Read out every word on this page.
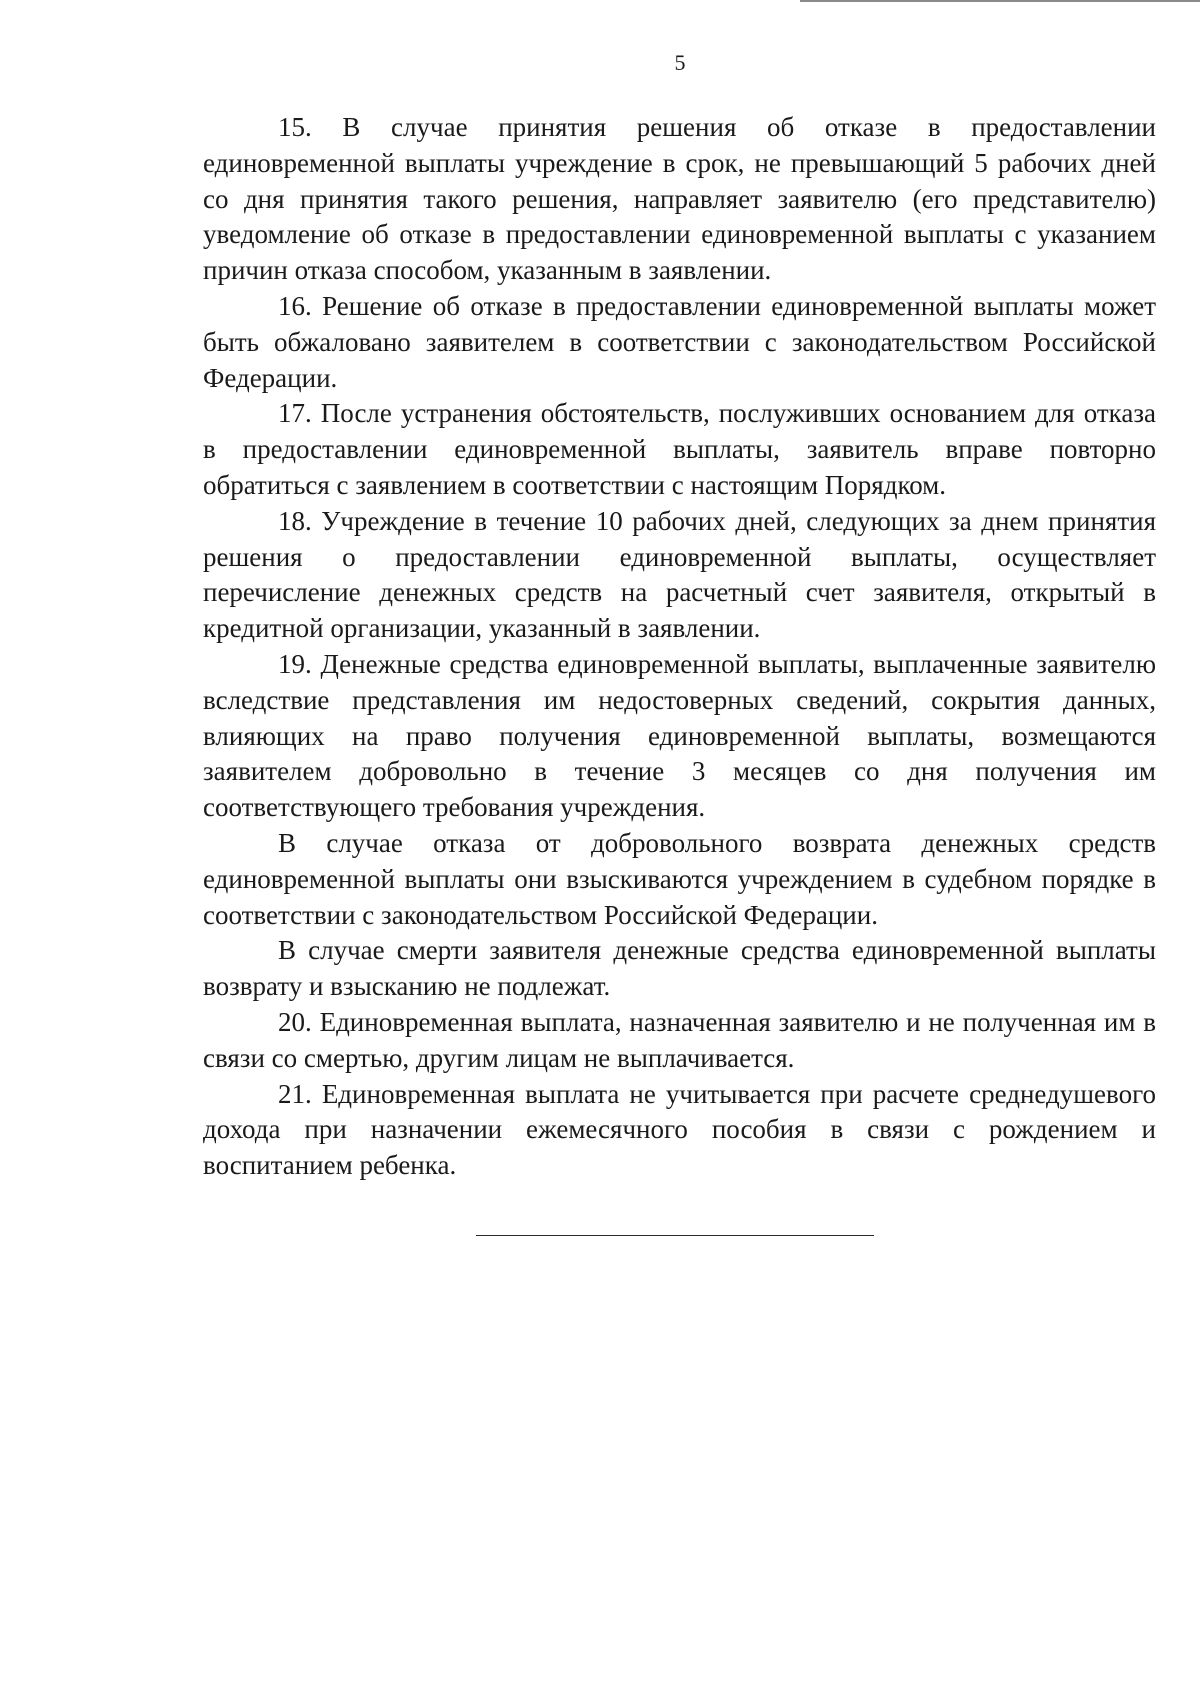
5

15. В случае принятия решения об отказе в предоставлении единовременной выплаты учреждение в срок, не превышающий 5 рабочих дней со дня принятия такого решения, направляет заявителю (его представителю) уведомление об отказе в предоставлении единовременной выплаты с указанием причин отказа способом, указанным в заявлении.

16. Решение об отказе в предоставлении единовременной выплаты может быть обжаловано заявителем в соответствии с законодательством Российской Федерации.

17. После устранения обстоятельств, послуживших основанием для отказа в предоставлении единовременной выплаты, заявитель вправе повторно обратиться с заявлением в соответствии с настоящим Порядком.

18. Учреждение в течение 10 рабочих дней, следующих за днем принятия решения о предоставлении единовременной выплаты, осуществляет перечисление денежных средств на расчетный счет заявителя, открытый в кредитной организации, указанный в заявлении.

19. Денежные средства единовременной выплаты, выплаченные заявителю вследствие представления им недостоверных сведений, сокрытия данных, влияющих на право получения единовременной выплаты, возмещаются заявителем добровольно в течение 3 месяцев со дня получения им соответствующего требования учреждения.

В случае отказа от добровольного возврата денежных средств единовременной выплаты они взыскиваются учреждением в судебном порядке в соответствии с законодательством Российской Федерации.

В случае смерти заявителя денежные средства единовременной выплаты возврату и взысканию не подлежат.

20. Единовременная выплата, назначенная заявителю и не полученная им в связи со смертью, другим лицам не выплачивается.

21. Единовременная выплата не учитывается при расчете среднедушевого дохода при назначении ежемесячного пособия в связи с рождением и воспитанием ребенка.
